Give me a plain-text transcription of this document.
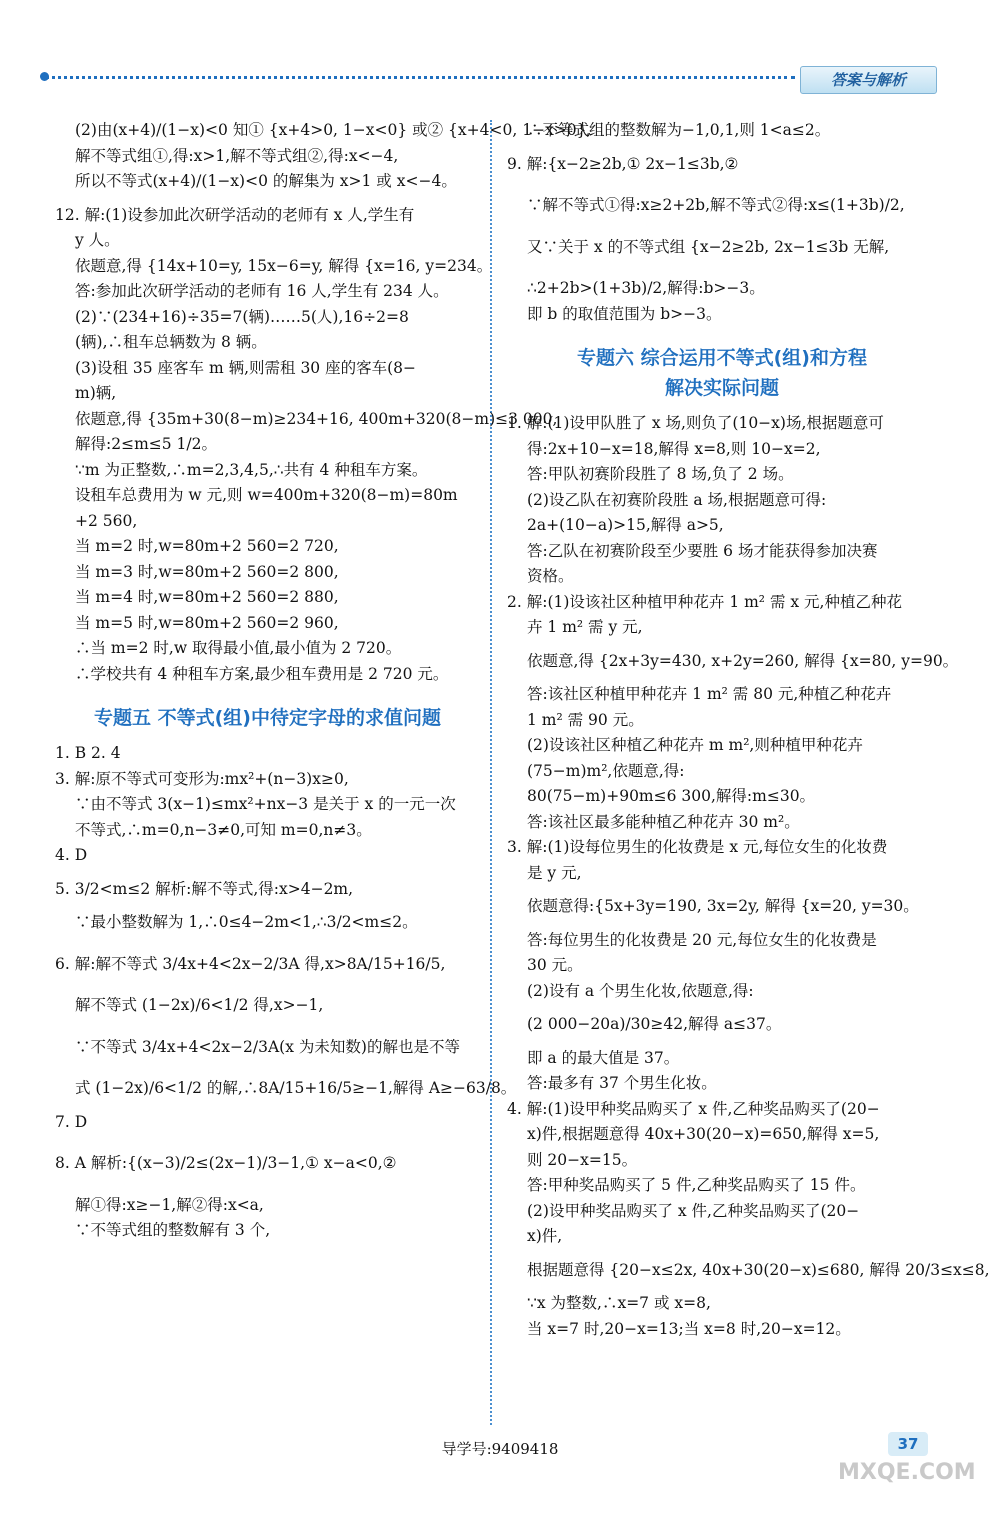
答案与解析
(2)由(x+4)/(1−x)<0 知① {x+4>0, 1−x<0} 或② {x+4<0, 1−x>0},
解不等式组①,得:x>1,解不等式组②,得:x<−4,
所以不等式(x+4)/(1−x)<0 的解集为 x>1 或 x<−4。
12. 解:(1)设参加此次研学活动的老师有 x 人,学生有
y 人。
依题意,得 {14x+10=y, 15x−6=y, 解得 {x=16, y=234。
答:参加此次研学活动的老师有 16 人,学生有 234 人。
(2)∵(234+16)÷35=7(辆)……5(人),16÷2=8
(辆),∴租车总辆数为 8 辆。
(3)设租 35 座客车 m 辆,则需租 30 座的客车(8−
m)辆,
依题意,得 {35m+30(8−m)≥234+16, 400m+320(8−m)≤3 000,
解得:2≤m≤5 1/2。
∵m 为正整数,∴m=2,3,4,5,∴共有 4 种租车方案。
设租车总费用为 w 元,则 w=400m+320(8−m)=80m
+2 560,
当 m=2 时,w=80m+2 560=2 720,
当 m=3 时,w=80m+2 560=2 800,
当 m=4 时,w=80m+2 560=2 880,
当 m=5 时,w=80m+2 560=2 960,
∴当 m=2 时,w 取得最小值,最小值为 2 720。
∴学校共有 4 种租车方案,最少租车费用是 2 720 元。
专题五 不等式(组)中待定字母的求值问题
1. B 2. 4
3. 解:原不等式可变形为:mx²+(n−3)x≥0,
∵由不等式 3(x−1)≤mx²+nx−3 是关于 x 的一元一次
不等式,∴m=0,n−3≠0,可知 m=0,n≠3。
4. D
5. 3/2<m≤2 解析:解不等式,得:x>4−2m,
∵最小整数解为 1,∴0≤4−2m<1,∴3/2<m≤2。
6. 解:解不等式 3/4x+4<2x−2/3A 得,x>8A/15+16/5,
解不等式 (1−2x)/6<1/2 得,x>−1,
∵不等式 3/4x+4<2x−2/3A(x 为未知数)的解也是不等
式 (1−2x)/6<1/2 的解,∴8A/15+16/5≥−1,解得 A≥−63/8。
7. D
8. A 解析:{(x−3)/2≤(2x−1)/3−1,① x−a<0,②
解①得:x≥−1,解②得:x<a,
∵不等式组的整数解有 3 个,
∴不等式组的整数解为−1,0,1,则 1<a≤2。
9. 解:{x−2≥2b,① 2x−1≤3b,②
∵解不等式①得:x≥2+2b,解不等式②得:x≤(1+3b)/2,
又∵关于 x 的不等式组 {x−2≥2b, 2x−1≤3b 无解,
∴2+2b>(1+3b)/2,解得:b>−3。
即 b 的取值范围为 b>−3。
专题六 综合运用不等式(组)和方程
解决实际问题
1. 解:(1)设甲队胜了 x 场,则负了(10−x)场,根据题意可
得:2x+10−x=18,解得 x=8,则 10−x=2,
答:甲队初赛阶段胜了 8 场,负了 2 场。
(2)设乙队在初赛阶段胜 a 场,根据题意可得:
2a+(10−a)>15,解得 a>5,
答:乙队在初赛阶段至少要胜 6 场才能获得参加决赛
资格。
2. 解:(1)设该社区种植甲种花卉 1 m² 需 x 元,种植乙种花
卉 1 m² 需 y 元,
依题意,得 {2x+3y=430, x+2y=260, 解得 {x=80, y=90。
答:该社区种植甲种花卉 1 m² 需 80 元,种植乙种花卉
1 m² 需 90 元。
(2)设该社区种植乙种花卉 m m²,则种植甲种花卉
(75−m)m²,依题意,得:
80(75−m)+90m≤6 300,解得:m≤30。
答:该社区最多能种植乙种花卉 30 m²。
3. 解:(1)设每位男生的化妆费是 x 元,每位女生的化妆费
是 y 元,
依题意得:{5x+3y=190, 3x=2y, 解得 {x=20, y=30。
答:每位男生的化妆费是 20 元,每位女生的化妆费是
30 元。
(2)设有 a 个男生化妆,依题意,得:
(2 000−20a)/30≥42,解得 a≤37。
即 a 的最大值是 37。
答:最多有 37 个男生化妆。
4. 解:(1)设甲种奖品购买了 x 件,乙种奖品购买了(20−
x)件,根据题意得 40x+30(20−x)=650,解得 x=5,
则 20−x=15。
答:甲种奖品购买了 5 件,乙种奖品购买了 15 件。
(2)设甲种奖品购买了 x 件,乙种奖品购买了(20−
x)件,
根据题意得 {20−x≤2x, 40x+30(20−x)≤680, 解得 20/3≤x≤8,
∵x 为整数,∴x=7 或 x=8,
当 x=7 时,20−x=13;当 x=8 时,20−x=12。
导学号:9409418	37
MXQE.COM
